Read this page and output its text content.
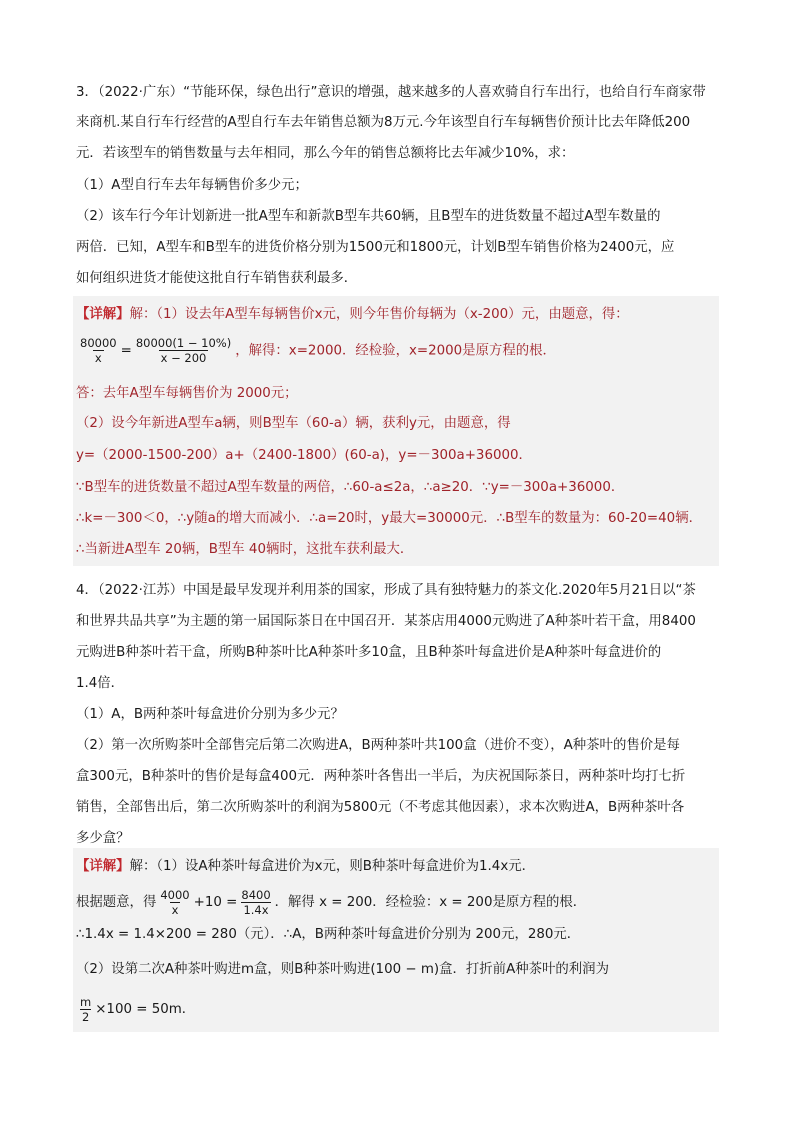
3．（2022·广东）“节能环保，绿色出行”意识的增强，越来越多的人喜欢骑自行车出行，也给自行车商家带
来商机.某自行车行经营的A型自行车去年销售总额为8万元.今年该型自行车每辆售价预计比去年降低200
元．若该型车的销售数量与去年相同，那么今年的销售总额将比去年减少10%，求：
（1）A型自行车去年每辆售价多少元；
（2）该车行今年计划新进一批A型车和新款B型车共60辆，且B型车的进货数量不超过A型车数量的
两倍．已知，A型车和B型车的进货价格分别为1500元和1800元，计划B型车销售价格为2400元，应
如何组织进货才能使这批自行车销售获利最多．
【详解】解：（1）设去年A型车每辆售价x元，则今年售价每辆为（x-200）元，由题意，得：
$\frac{80000}{x} = \frac{80000(1 - 10\%)}{x - 200}$ ，解得：x=2000．经检验，x=2000是原方程的根．
答：去年A型车每辆售价为 2000元；
（2）设今年新进A型车a辆，则B型车（60-a）辆，获利y元，由题意，得
y=（2000-1500-200）a+（2400-1800）(60-a)，y=－300a+36000．
∵B型车的进货数量不超过A型车数量的两倍，∴60-a≤2a，∴a≥20．∵y=－300a+36000．
∴k=－300＜0，∴y随a的增大而减小．∴a=20时，y最大=30000元．∴B型车的数量为：60-20=40辆．
∴当新进A型车 20辆，B型车 40辆时，这批车获利最大．
4．（2022·江苏）中国是最早发现并利用茶的国家，形成了具有独特魅力的茶文化.2020年5月21日以“茶
和世界共品共享”为主题的第一届国际茶日在中国召开．某茶店用4000元购进了A种茶叶若干盒，用8400
元购进B种茶叶若干盒，所购B种茶叶比A种茶叶多10盒，且B种茶叶每盒进价是A种茶叶每盒进价的
1.4倍．
（1）A，B两种茶叶每盒进价分别为多少元？
（2）第一次所购茶叶全部售完后第二次购进A，B两种茶叶共100盒（进价不变），A种茶叶的售价是每
盒300元，B种茶叶的售价是每盒400元．两种茶叶各售出一半后，为庆祝国际茶日，两种茶叶均打七折
销售，全部售出后，第二次所购茶叶的利润为5800元（不考虑其他因素），求本次购进A，B两种茶叶各
多少盒？
【详解】解：（1）设A种茶叶每盒进价为x元，则B种茶叶每盒进价为1.4x元．
根据题意，得 $\frac{4000}{x} +10 = \frac{8400}{1.4x}$ ．解得 x = 200．经检验：x = 200是原方程的根．
∴1.4x = 1.4×200 = 280（元）．∴A，B两种茶叶每盒进价分别为 200元，280元．
（2）设第二次A种茶叶购进m盒，则B种茶叶购进(100 − m)盒．打折前A种茶叶的利润为
$\frac{m}{2} \times 100 = 50m$．
